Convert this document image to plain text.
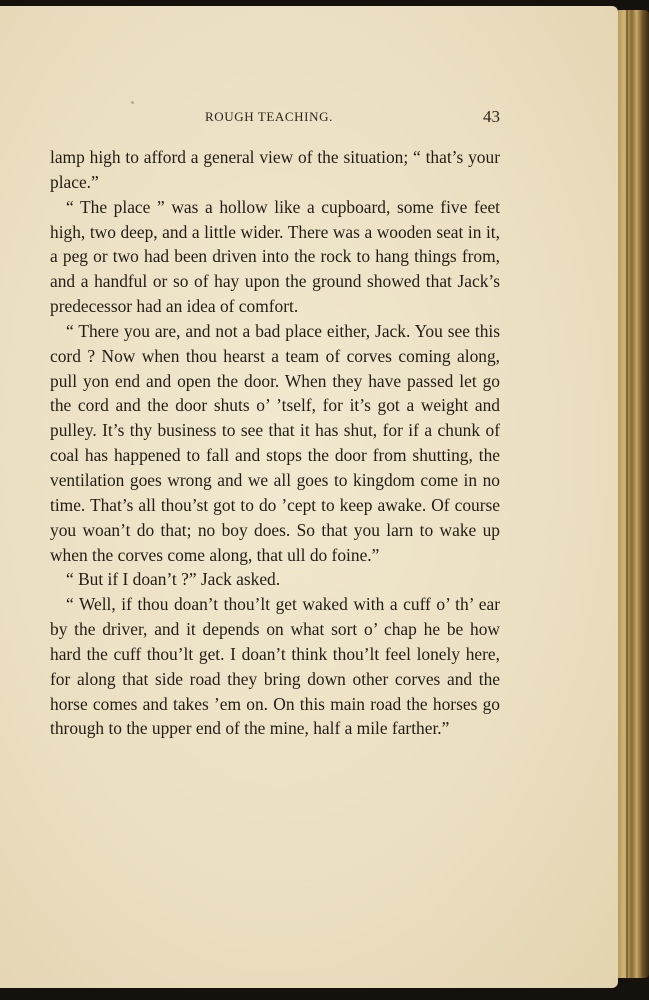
ROUGH TEACHING.	43

lamp high to afford a general view of the situation; “ that’s your place.”

“ The place ” was a hollow like a cupboard, some five feet high, two deep, and a little wider. There was a wooden seat in it, a peg or two had been driven into the rock to hang things from, and a handful or so of hay upon the ground showed that Jack’s predecessor had an idea of comfort.

“ There you are, and not a bad place either, Jack. You see this cord ? Now when thou hearst a team of corves coming along, pull yon end and open the door. When they have passed let go the cord and the door shuts o’ ’tself, for it’s got a weight and pulley. It’s thy business to see that it has shut, for if a chunk of coal has happened to fall and stops the door from shutting, the ventilation goes wrong and we all goes to kingdom come in no time. That’s all thou’st got to do ’cept to keep awake. Of course you woan’t do that; no boy does. So that you larn to wake up when the corves come along, that ull do foine.”

“ But if I doan’t ?” Jack asked.

“ Well, if thou doan’t thou’lt get waked with a cuff o’ th’ ear by the driver, and it depends on what sort o’ chap he be how hard the cuff thou’lt get. I doan’t think thou’lt feel lonely here, for along that side road they bring down other corves and the horse comes and takes ’em on. On this main road the horses go through to the upper end of the mine, half a mile farther.”
